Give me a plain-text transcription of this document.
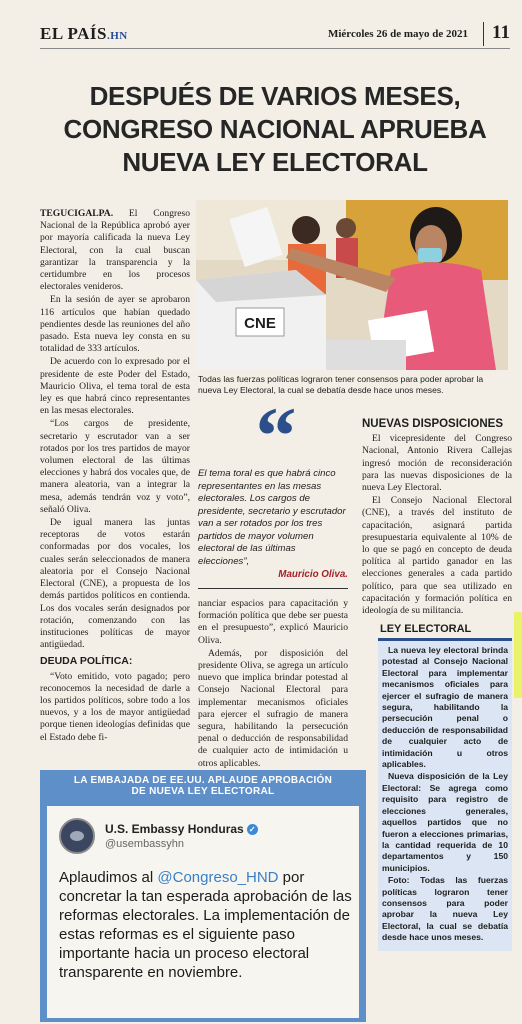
EL PAÍS.HN	Miércoles 26 de mayo de 2021	11
DESPUÉS DE VARIOS MESES,
CONGRESO NACIONAL APRUEBA
NUEVA LEY ELECTORAL
CNE
Todas las fuerzas políticas lograron tener consensos para poder aprobar la nueva Ley Electoral, la cual se debatía desde hace unos meses.

TEGUCIGALPA. El Congreso Nacional de la República aprobó ayer por mayoría calificada la nueva Ley Electoral, con la cual buscan garantizar la transparencia y la certidumbre en los procesos electorales venideros.

En la sesión de ayer se aprobaron 116 artículos que habían quedado pendientes desde las reuniones del año pasado. Esta nueva ley consta en su totalidad de 333 artículos.

De acuerdo con lo expresado por el presidente de este Poder del Estado, Mauricio Oliva, el tema toral de esta ley es que habrá cinco representantes en las mesas electorales.

“Los cargos de presidente, secretario y escrutador van a ser rotados por los tres partidos de mayor volumen electoral de las últimas elecciones y habrá dos vocales que, de manera aleatoria, van a integrar la mesa, además tendrán voz y voto”, señaló Oliva.

De igual manera las juntas receptoras de votos estarán conformadas por dos vocales, los cuales serán seleccionados de manera aleatoria por el Consejo Nacional Electoral (CNE), a propuesta de los demás partidos políticos en contienda. Los dos vocales serán designados por rotación, comenzando con las instituciones políticas de mayor antigüedad.

DEUDA POLÍTICA:

“Voto emitido, voto pagado; pero reconocemos la necesidad de darle a los partidos políticos, sobre todo a los nuevos, y a los de mayor antigüedad porque tienen ideologías definidas que el Estado debe fi-

“
El tema toral es que habrá cinco representantes en las mesas electorales. Los cargos de presidente, secretario y escrutador van a ser rotados por los tres partidos de mayor volumen electoral de las últimas elecciones”,
Mauricio Oliva.

nanciar espacios para capacitación y formación política que debe ser puesta en el presupuesto”, explicó Mauricio Oliva.

Además, por disposición del presidente Oliva, se agrega un artículo nuevo que implica brindar potestad al Consejo Nacional Electoral para implementar mecanismos oficiales para ejercer el sufragio de manera segura, habilitando la persecución penal o deducción de responsabilidad de cualquier acto de intimidación u otros aplicables.

NUEVAS DISPOSICIONES

El vicepresidente del Congreso Nacional, Antonio Rivera Callejas ingresó moción de reconsideración para las nuevas disposiciones de la nueva Ley Electoral.

El Consejo Nacional Electoral (CNE), a través del instituto de capacitación, asignará partida presupuestaria equivalente al 10% de lo que se pagó en concepto de deuda política al partido ganador en las elecciones generales a cada partido político, para que sea utilizado en capacitación y formación política en ideología de su militancia.

LEY ELECTORAL

La nueva ley electoral brinda potestad al Consejo Nacional Electoral para implementar mecanismos oficiales para ejercer el sufragio de manera segura, habilitando la persecución penal o deducción de responsabilidad de cualquier acto de intimidación u otros aplicables.

Nueva disposición de la Ley Electoral: Se agrega como requisito para registro de elecciones generales, aquellos partidos que no fueron a elecciones primarias, la cantidad requerida de 10 departamentos y 150 municipios.

Foto: Todas las fuerzas políticas lograron tener consensos para poder aprobar la nueva Ley Electoral, la cual se debatía desde hace unos meses.

LA EMBAJADA DE EE.UU. APLAUDE APROBACIÓN
DE NUEVA LEY ELECTORAL
U.S. Embassy Honduras ✓
@usembassyhn
Aplaudimos al @Congreso_HND por concretar la tan esperada aprobación de las reformas electorales. La implementación de estas reformas es el siguiente paso importante hacia un proceso electoral transparente en noviembre.
